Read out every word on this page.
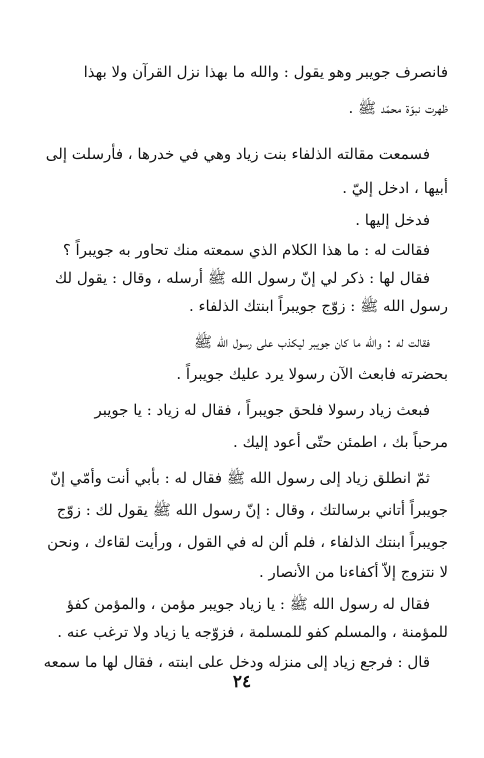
فانصرف جويبر وهو يقول : والله ما بهذا نزل القرآن ولا بهذا
ظهرت نبوّة محمّد ﷺ .
فسمعت مقالته الذلفاء بنت زياد وهي في خدرها ، فأرسلت إلى
أبيها ، ادخل إليّ .
فدخل إليها .
فقالت له : ما هذا الكلام الذي سمعته منك تحاور به جويبراً ؟
فقال لها : ذكر لي إنّ رسول الله ﷺ أرسله ، وقال : يقول لك
رسول الله ﷺ : زوّج جويبراً ابنتك الذلفاء .
فقالت له : والله ما كان جويبر ليكذب على رسول الله ﷺ
بحضرته فابعث الآن رسولا يرد عليك جويبراً .
فبعث زياد رسولا فلحق جويبراً ، فقال له زياد : يا جويبر
مرحباً بك ، اطمئن حتّى أعود إليك .
ثمّ انطلق زياد إلى رسول الله ﷺ فقال له : بأبي أنت وأمّي إنّ
جويبراً أتاني برسالتك ، وقال : إنّ رسول الله ﷺ يقول لك : زوّج
جويبراً ابنتك الذلفاء ، فلم ألن له في القول ، ورأيت لقاءك ، ونحن
لا نتزوج إلاّ أكفاءنا من الأنصار .
فقال له رسول الله ﷺ : يا زياد جويبر مؤمن ، والمؤمن كفؤ
للمؤمنة ، والمسلم كفو للمسلمة ، فزوّجه يا زياد ولا ترغب عنه .
قال : فرجع زياد إلى منزله ودخل على ابنته ، فقال لها ما سمعه
٢٤
